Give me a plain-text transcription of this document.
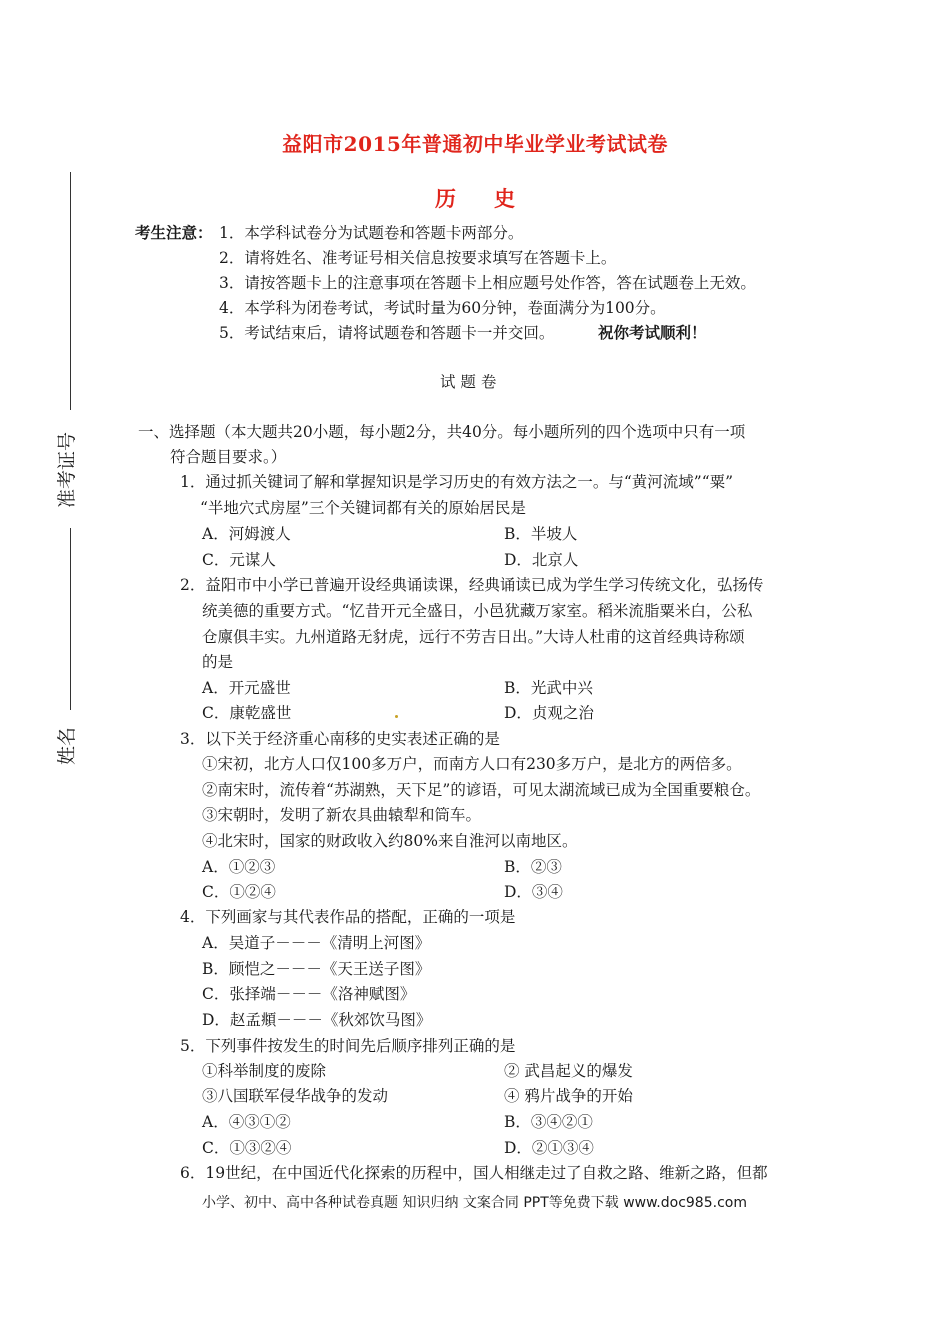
准考证号
姓名
益阳市2015年普通初中毕业学业考试试卷
历史
考生注意： 1．本学科试卷分为试题卷和答题卡两部分。
2．请将姓名、准考证号相关信息按要求填写在答题卡上。
3．请按答题卡上的注意事项在答题卡上相应题号处作答，答在试题卷上无效。
4．本学科为闭卷考试，考试时量为60分钟，卷面满分为100分。
5．考试结束后，请将试题卷和答题卡一并交回。	祝你考试顺利！
试 题 卷
一、选择题（本大题共20小题，每小题2分，共40分。每小题所列的四个选项中只有一项
符合题目要求。）
1．通过抓关键词了解和掌握知识是学习历史的有效方法之一。与“黄河流域”“粟”
“半地穴式房屋”三个关键词都有关的原始居民是
A．河姆渡人	B．半坡人
C．元谋人	D．北京人
2．益阳市中小学已普遍开设经典诵读课，经典诵读已成为学生学习传统文化，弘扬传
统美德的重要方式。“忆昔开元全盛日，小邑犹藏万家室。稻米流脂粟米白，公私
仓廪俱丰实。九州道路无豺虎，远行不劳吉日出。”大诗人杜甫的这首经典诗称颂
的是
A．开元盛世	B．光武中兴
C．康乾盛世	D．贞观之治
3．以下关于经济重心南移的史实表述正确的是
①宋初，北方人口仅100多万户，而南方人口有230多万户，是北方的两倍多。
②南宋时，流传着“苏湖熟，天下足”的谚语，可见太湖流域已成为全国重要粮仓。
③宋朝时，发明了新农具曲辕犁和筒车。
④北宋时，国家的财政收入约80%来自淮河以南地区。
A．①②③	B．②③
C．①②④	D．③④
4．下列画家与其代表作品的搭配，正确的一项是
A．吴道子－－－《清明上河图》
B．顾恺之－－－《天王送子图》
C．张择端－－－《洛神赋图》
D．赵孟頫－－－《秋郊饮马图》
5．下列事件按发生的时间先后顺序排列正确的是
①科举制度的废除	② 武昌起义的爆发
③八国联军侵华战争的发动	④ 鸦片战争的开始
A．④③①②	B．③④②①
C．①③②④	D．②①③④
6．19世纪，在中国近代化探索的历程中，国人相继走过了自救之路、维新之路，但都
小学、初中、高中各种试卷真题 知识归纳 文案合同 PPT等免费下载 www.doc985.com
